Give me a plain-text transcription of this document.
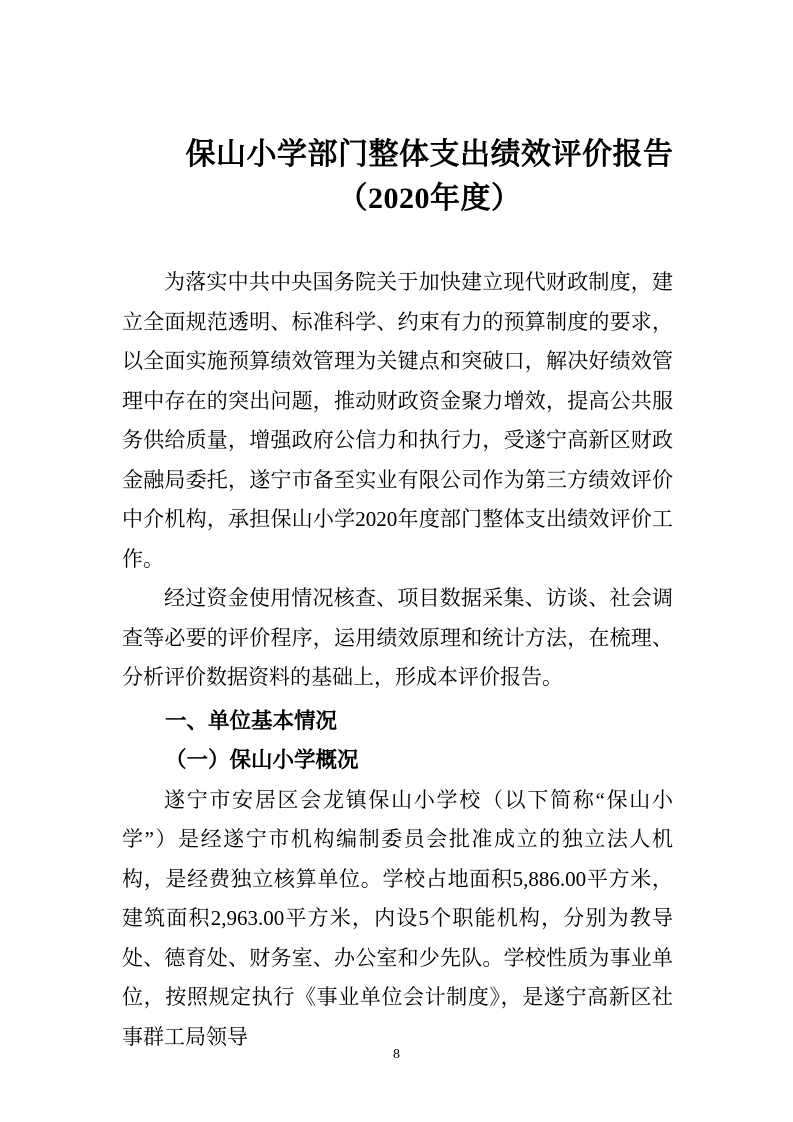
保山小学部门整体支出绩效评价报告
（2020年度）

为落实中共中央国务院关于加快建立现代财政制度，建立全面规范透明、标准科学、约束有力的预算制度的要求，以全面实施预算绩效管理为关键点和突破口，解决好绩效管理中存在的突出问题，推动财政资金聚力增效，提高公共服务供给质量，增强政府公信力和执行力，受遂宁高新区财政金融局委托，遂宁市备至实业有限公司作为第三方绩效评价中介机构，承担保山小学2020年度部门整体支出绩效评价工作。

经过资金使用情况核查、项目数据采集、访谈、社会调查等必要的评价程序，运用绩效原理和统计方法，在梳理、分析评价数据资料的基础上，形成本评价报告。

一、单位基本情况
（一）保山小学概况

遂宁市安居区会龙镇保山小学校（以下简称“保山小学”）是经遂宁市机构编制委员会批准成立的独立法人机构，是经费独立核算单位。学校占地面积5,886.00平方米，建筑面积2,963.00平方米，内设5个职能机构，分别为教导处、德育处、财务室、办公室和少先队。学校性质为事业单位，按照规定执行《事业单位会计制度》，是遂宁高新区社事群工局领导

8
